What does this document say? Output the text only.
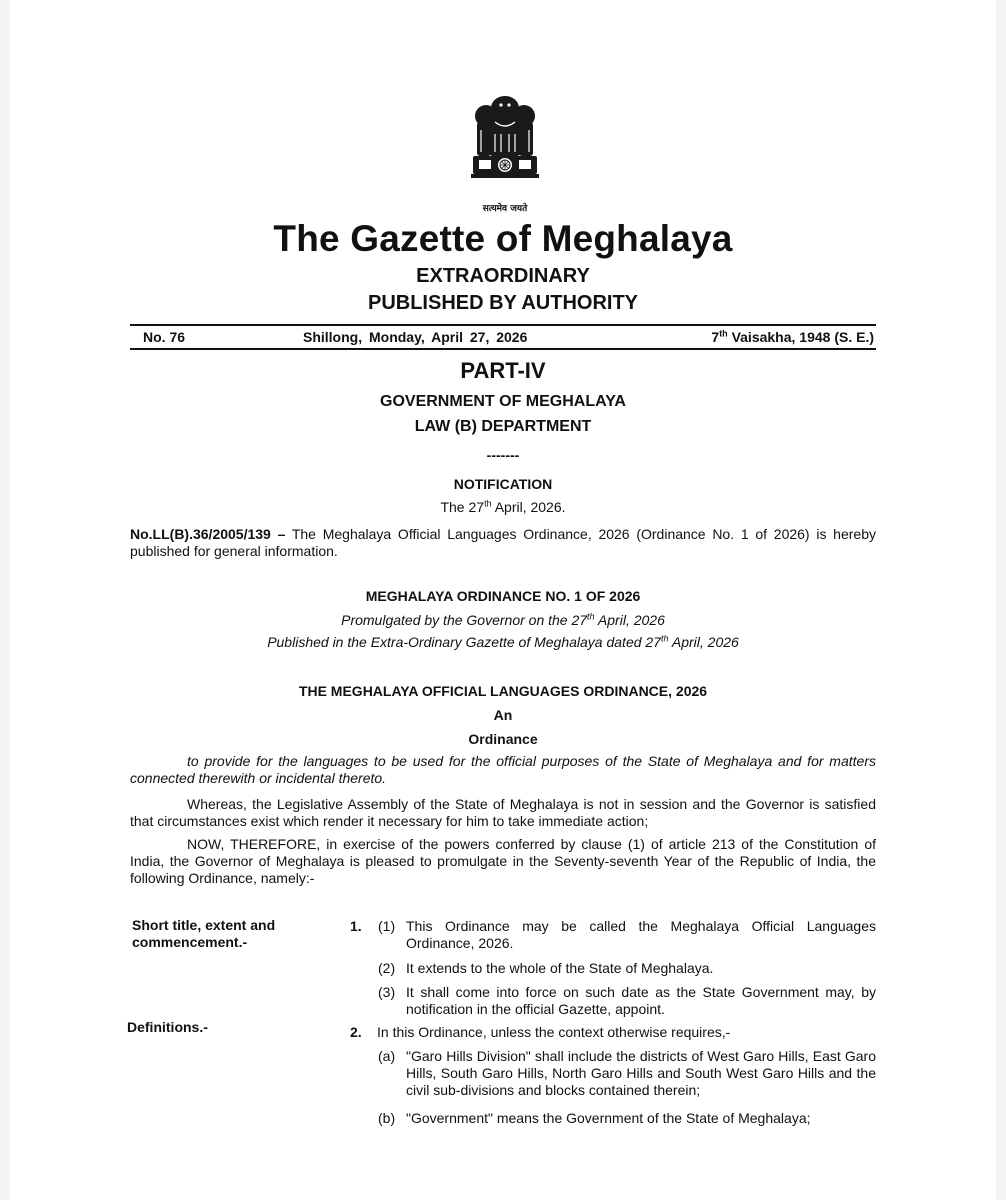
सत्यमेव जयते
The Gazette of Meghalaya
EXTRAORDINARY
PUBLISHED BY AUTHORITY
No. 76	Shillong, Monday, April 27, 2026	7th Vaisakha, 1948 (S. E.)
PART-IV
GOVERNMENT OF MEGHALAYA
LAW (B) DEPARTMENT
-------
NOTIFICATION
The 27th April, 2026.
No.LL(B).36/2005/139 – The Meghalaya Official Languages Ordinance, 2026 (Ordinance No. 1 of 2026) is hereby published for general information.
MEGHALAYA ORDINANCE NO. 1 OF 2026
Promulgated by the Governor on the 27th April, 2026
Published in the Extra-Ordinary Gazette of Meghalaya dated 27th April, 2026
THE MEGHALAYA OFFICIAL LANGUAGES ORDINANCE, 2026
An
Ordinance
to provide for the languages to be used for the official purposes of the State of Meghalaya and for matters connected therewith or incidental thereto.
Whereas, the Legislative Assembly of the State of Meghalaya is not in session and the Governor is satisfied that circumstances exist which render it necessary for him to take immediate action;
NOW, THEREFORE, in exercise of the powers conferred by clause (1) of article 213 of the Constitution of India, the Governor of Meghalaya is pleased to promulgate in the Seventy-seventh Year of the Republic of India, the following Ordinance, namely:-
Short title, extent and
commencement.-
1. (1) This Ordinance may be called the Meghalaya Official Languages Ordinance, 2026.
(2) It extends to the whole of the State of Meghalaya.
(3) It shall come into force on such date as the State Government may, by notification in the official Gazette, appoint.
Definitions.-	2. In this Ordinance, unless the context otherwise requires,-
(a) "Garo Hills Division" shall include the districts of West Garo Hills, East Garo Hills, South Garo Hills, North Garo Hills and South West Garo Hills and the civil sub-divisions and blocks contained therein;
(b) "Government" means the Government of the State of Meghalaya;
